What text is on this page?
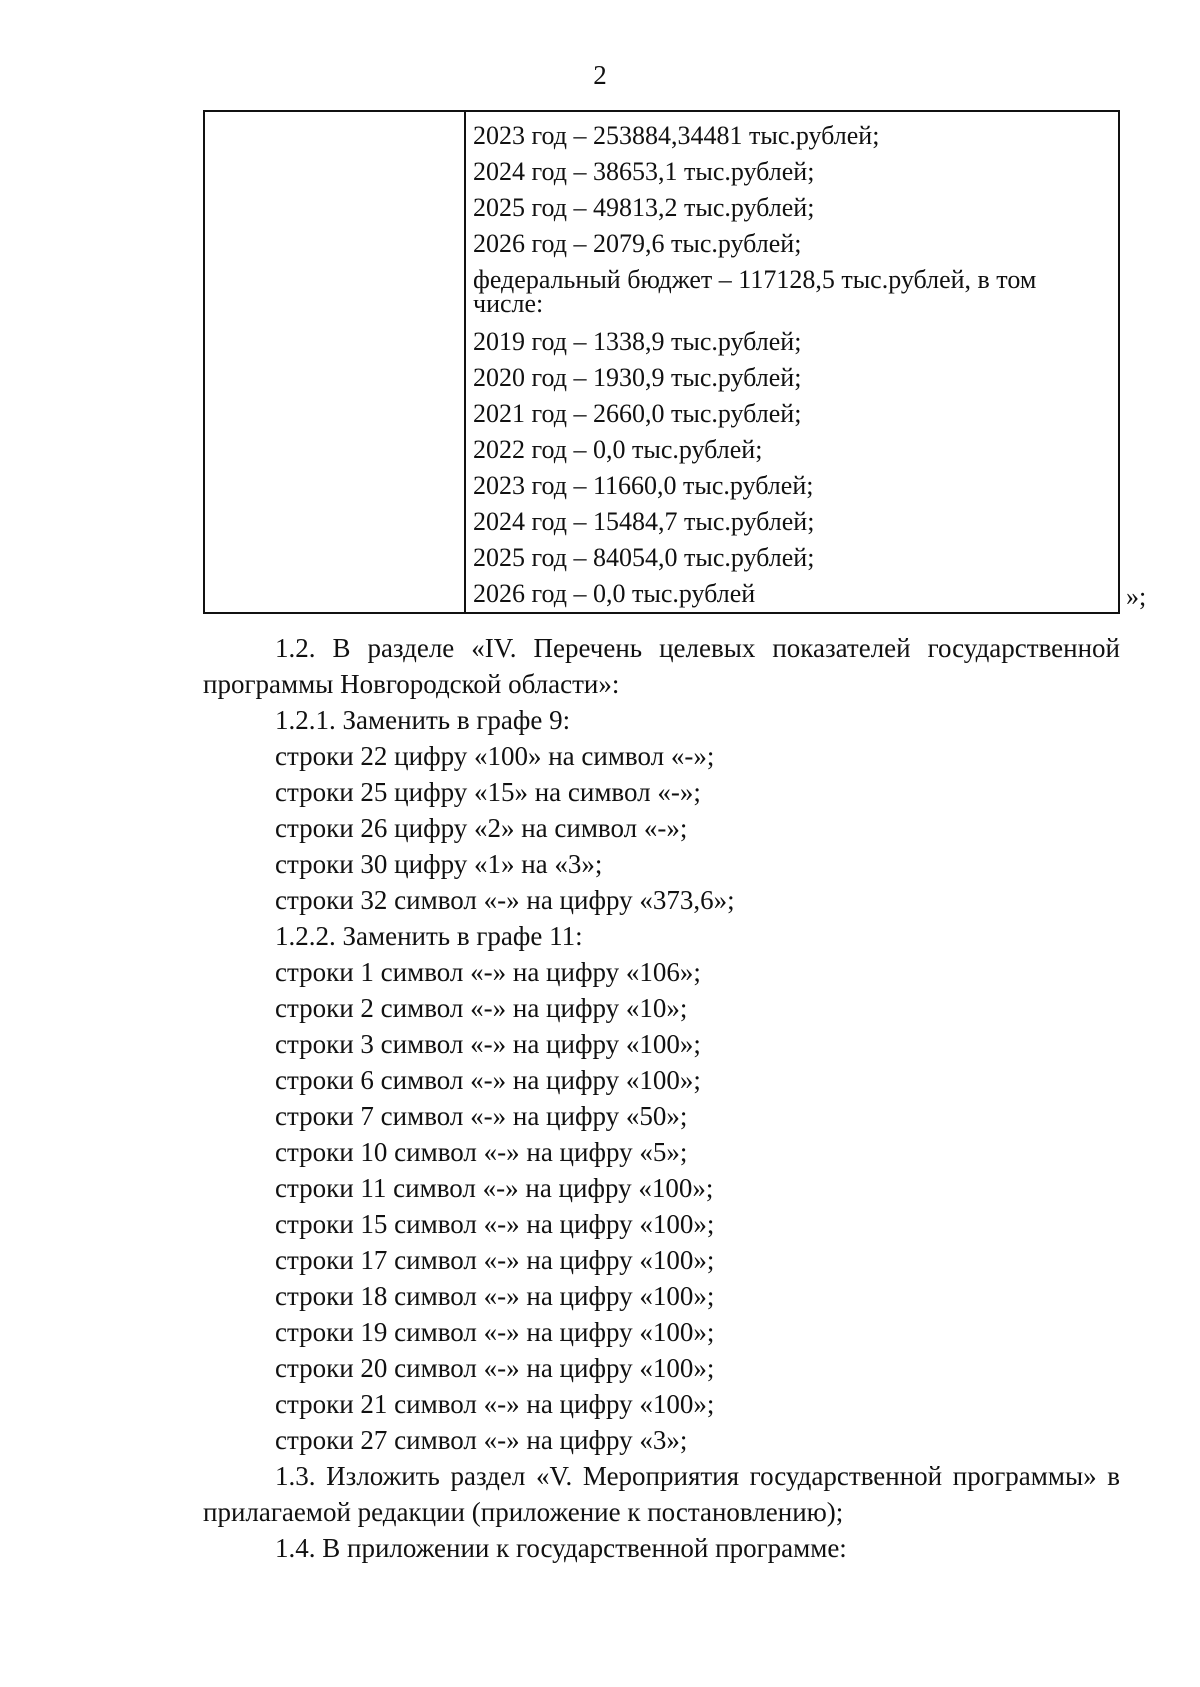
2
2023 год – 253884,34481 тыс.рублей;
2024 год – 38653,1 тыс.рублей;
2025 год – 49813,2 тыс.рублей;
2026 год – 2079,6 тыс.рублей;
федеральный бюджет – 117128,5 тыс.рублей, в том числе:
2019 год – 1338,9 тыс.рублей;
2020 год – 1930,9 тыс.рублей;
2021 год – 2660,0 тыс.рублей;
2022 год – 0,0 тыс.рублей;
2023 год – 11660,0 тыс.рублей;
2024 год – 15484,7 тыс.рублей;
2025 год – 84054,0 тыс.рублей;
2026 год – 0,0 тыс.рублей	»;

1.2. В разделе «IV. Перечень целевых показателей государственной программы Новгородской области»:

1.2.1. Заменить в графе 9:

строки 22 цифру «100» на символ «-»;

строки 25 цифру «15» на символ «-»;

строки 26 цифру «2» на символ «-»;

строки 30 цифру «1» на «3»;

строки 32 символ «-» на цифру «373,6»;

1.2.2. Заменить в графе 11:

строки 1 символ «-» на цифру «106»;

строки 2 символ «-» на цифру «10»;

строки 3 символ «-» на цифру «100»;

строки 6 символ «-» на цифру «100»;

строки 7 символ «-» на цифру «50»;

строки 10 символ «-» на цифру «5»;

строки 11 символ «-» на цифру «100»;

строки 15 символ «-» на цифру «100»;

строки 17 символ «-» на цифру «100»;

строки 18 символ «-» на цифру «100»;

строки 19 символ «-» на цифру «100»;

строки 20 символ «-» на цифру «100»;

строки 21 символ «-» на цифру «100»;

строки 27 символ «-» на цифру «3»;

1.3. Изложить раздел «V. Мероприятия государственной программы» в прилагаемой редакции (приложение к постановлению);

1.4. В приложении к государственной программе:
